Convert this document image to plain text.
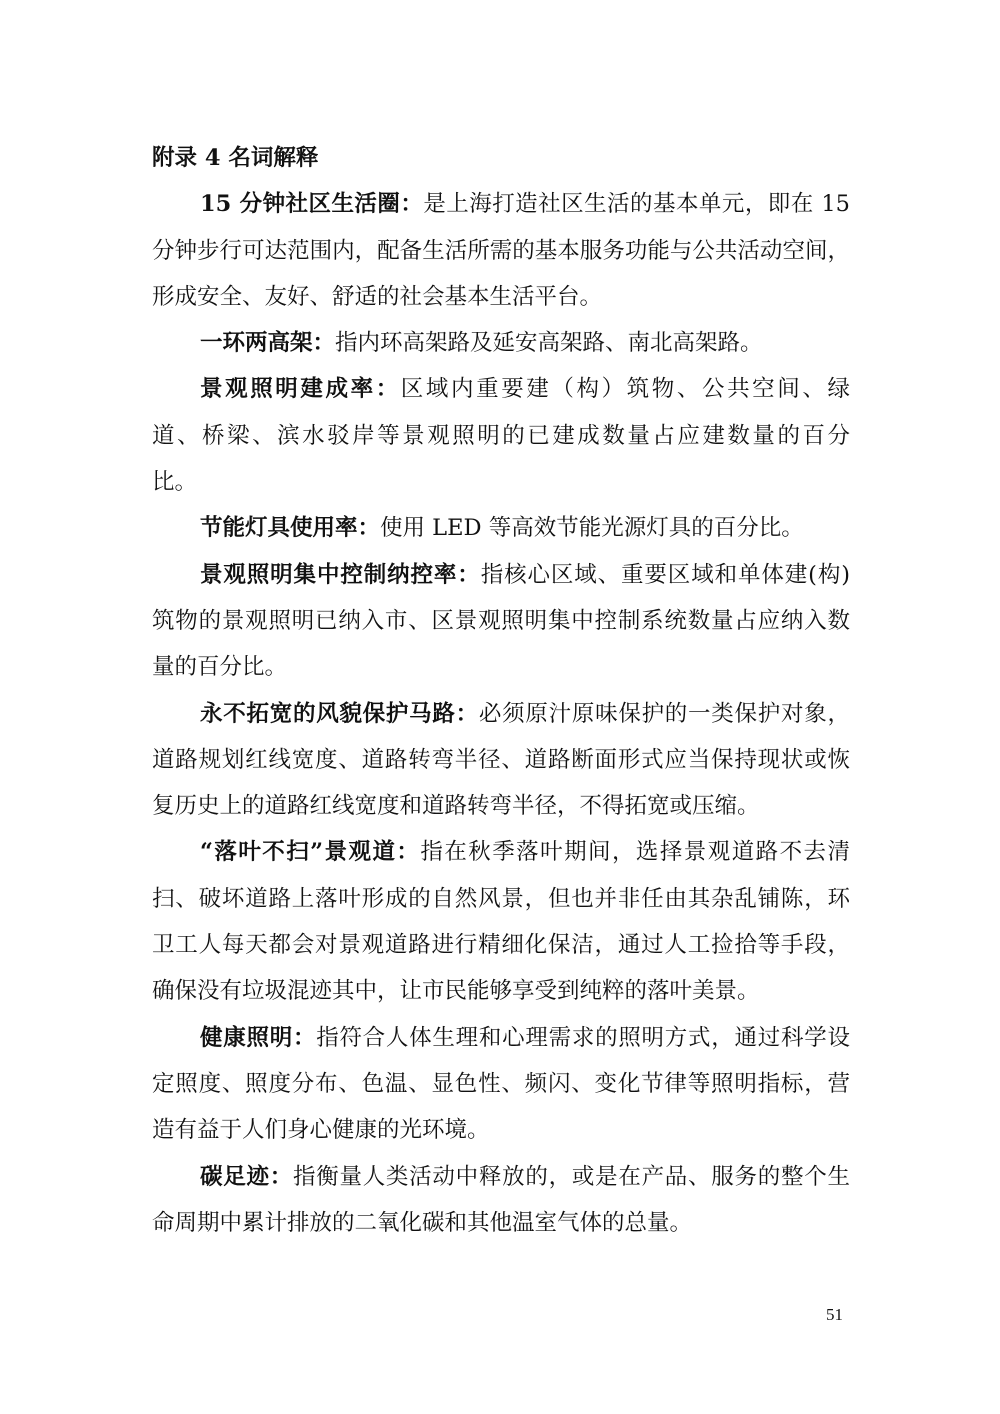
附录 4 名词解释
15 分钟社区生活圈：是上海打造社区生活的基本单元，即在 15
分钟步行可达范围内，配备生活所需的基本服务功能与公共活动空间，
形成安全、友好、舒适的社会基本生活平台。
一环两高架：指内环高架路及延安高架路、南北高架路。
景观照明建成率：区域内重要建（构）筑物、公共空间、绿
道、桥梁、滨水驳岸等景观照明的已建成数量占应建数量的百分
比。
节能灯具使用率：使用 LED 等高效节能光源灯具的百分比。
景观照明集中控制纳控率：指核心区域、重要区域和单体建(构)
筑物的景观照明已纳入市、区景观照明集中控制系统数量占应纳入数
量的百分比。
永不拓宽的风貌保护马路：必须原汁原味保护的一类保护对象，
道路规划红线宽度、道路转弯半径、道路断面形式应当保持现状或恢
复历史上的道路红线宽度和道路转弯半径，不得拓宽或压缩。
“落叶不扫”景观道：指在秋季落叶期间，选择景观道路不去清
扫、破坏道路上落叶形成的自然风景，但也并非任由其杂乱铺陈，环
卫工人每天都会对景观道路进行精细化保洁，通过人工捡拾等手段，
确保没有垃圾混迹其中，让市民能够享受到纯粹的落叶美景。
健康照明：指符合人体生理和心理需求的照明方式，通过科学设
定照度、照度分布、色温、显色性、频闪、变化节律等照明指标，营
造有益于人们身心健康的光环境。
碳足迹：指衡量人类活动中释放的，或是在产品、服务的整个生
命周期中累计排放的二氧化碳和其他温室气体的总量。
51
